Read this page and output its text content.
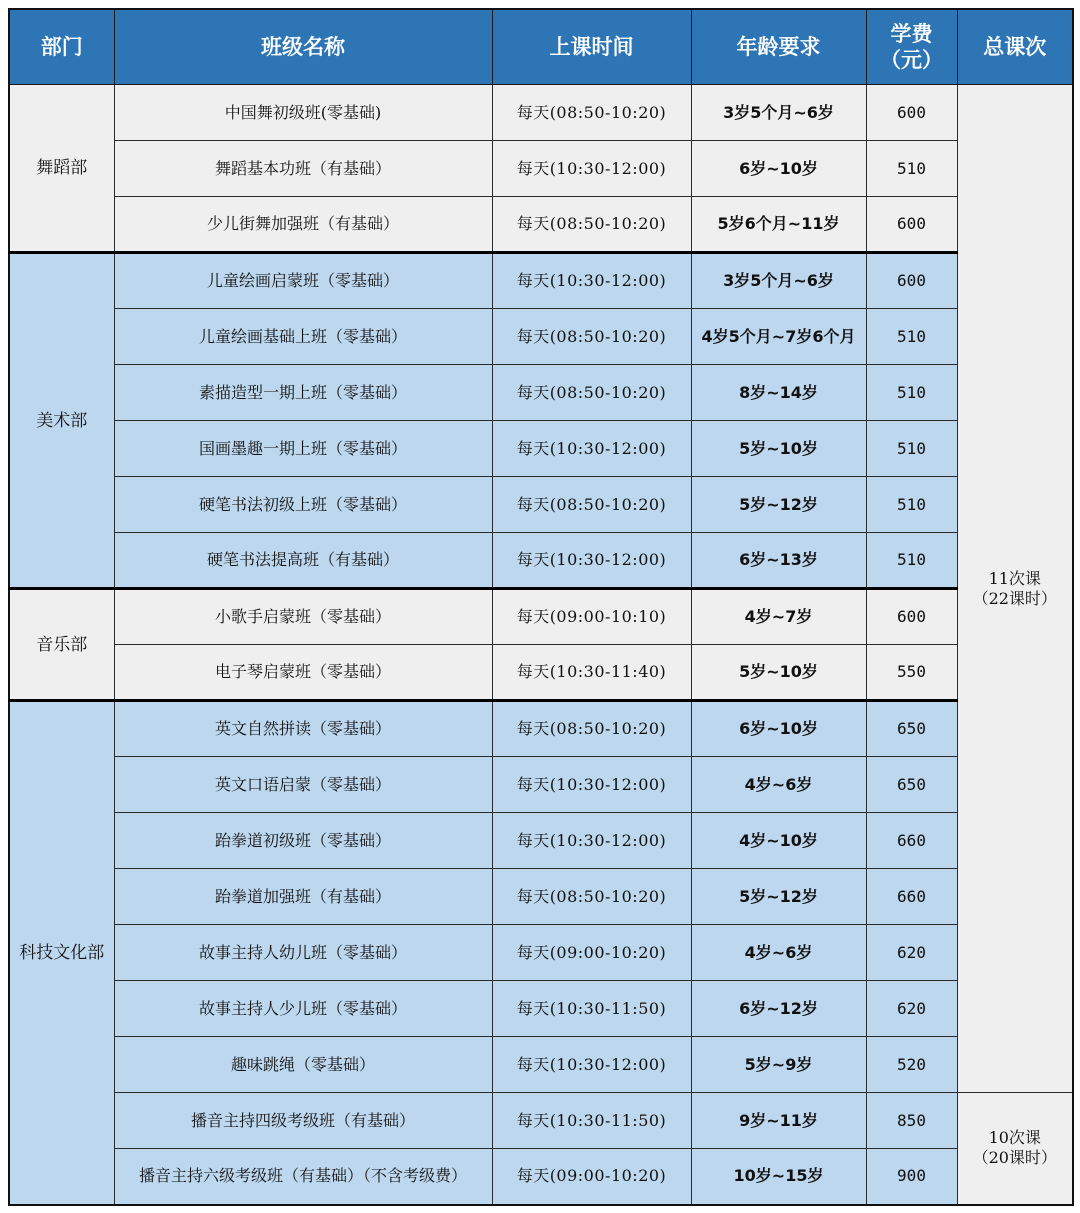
部门	班级名称	上课时间	年龄要求	学费
（元）	总课次
舞蹈部	中国舞初级班(零基础)	每天(08:50-10:20)	3岁5个月~6岁	600	11次课
（22课时）

	舞蹈基本功班（有基础）	每天(10:30-12:00)	6岁~10岁	510	
	少儿街舞加强班（有基础）	每天(08:50-10:20)	5岁6个月~11岁	600	
美术部	儿童绘画启蒙班（零基础）	每天(10:30-12:00)	3岁5个月~6岁	600	
	儿童绘画基础上班（零基础）	每天(08:50-10:20)	4岁5个月~7岁6个月	510	
	素描造型一期上班（零基础）	每天(08:50-10:20)	8岁~14岁	510	
	国画墨趣一期上班（零基础）	每天(10:30-12:00)	5岁~10岁	510	
	硬笔书法初级上班（零基础）	每天(08:50-10:20)	5岁~12岁	510	
	硬笔书法提高班（有基础）	每天(10:30-12:00)	6岁~13岁	510	
音乐部	小歌手启蒙班（零基础）	每天(09:00-10:10)	4岁~7岁	600	
	电子琴启蒙班（零基础）	每天(10:30-11:40)	5岁~10岁	550	
科技文化部	英文自然拼读（零基础）	每天(08:50-10:20)	6岁~10岁	650	
	英文口语启蒙（零基础）	每天(10:30-12:00)	4岁~6岁	650	
	跆拳道初级班（零基础）	每天(10:30-12:00)	4岁~10岁	660	
	跆拳道加强班（有基础）	每天(08:50-10:20)	5岁~12岁	660	
	故事主持人幼儿班（零基础）	每天(09:00-10:20)	4岁~6岁	620	
	故事主持人少儿班（零基础）	每天(10:30-11:50)	6岁~12岁	620	
	趣味跳绳（零基础）	每天(10:30-12:00)	5岁~9岁	520	
	播音主持四级考级班（有基础）	每天(10:30-11:50)	9岁~11岁	850	10次课
（20课时）

	播音主持六级考级班（有基础）（不含考级费）	每天(09:00-10:20)	10岁~15岁	900	
